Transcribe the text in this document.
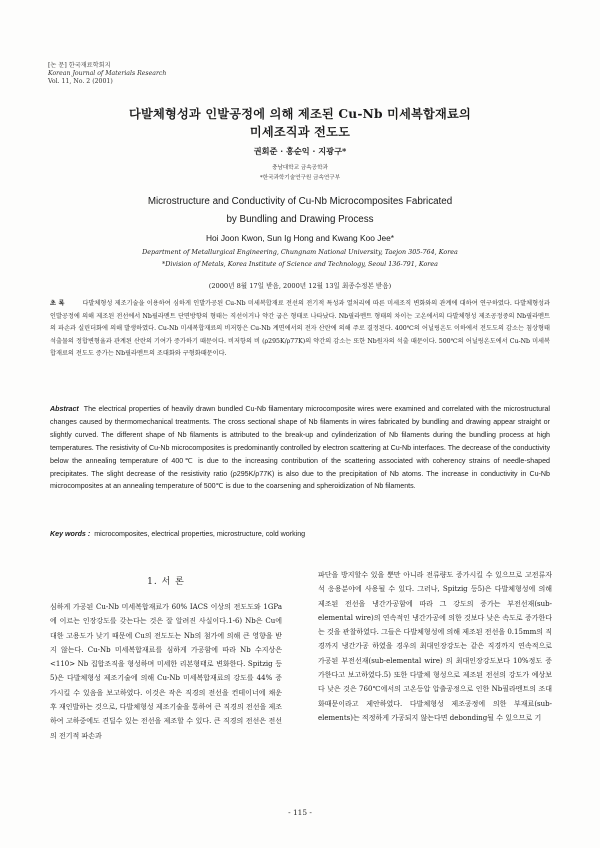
[논 문] 한국재료학회지
Korean Journal of Materials Research
Vol. 11, No. 2 (2001)
다발체형성과 인발공정에 의해 제조된 Cu-Nb 미세복합재료의
미세조직과 전도도
권회준 · 홍순익 · 지광구*
충남대학교 금속공학과
*한국과학기술연구원 금속연구부
Microstructure and Conductivity of Cu-Nb Microcomposites Fabricated
by Bundling and Drawing Process
Hoi Joon Kwon, Sun Ig Hong and Kwang Koo Jee*
Department of Metallurgical Engineering, Chungnam National University, Taejon 305-764, Korea
*Division of Metals, Korea Institute of Science and Technology, Seoul 136-791, Korea
(2000년 8월 17일 받음, 2000년 12월 13일 최종수정본 받음)
초 록	다발체형성 제조기술을 이용하여 심하게 인발가공된 Cu-Nb 미세복합재료 전선의 전기적 특성과 열처리에 따른 미세조직 변화와의 관계에 대하여 연구하였다. 다발체형성과 인발공정에 의해 제조된 전선에서 Nb필라멘트 단면방향의 형태는 직선이거나 약간 굽은 형태로 나타났다. Nb필라멘트 형태의 차이는 고온에서의 다발체형성 제조공정중의 Nb필라멘트의 파손과 실린더화에 의해 발생하였다. Cu-Nb 미세복합재료의 비저항은 Cu-Nb 계면에서의 전자 산란에 의해 주로 결정된다. 400℃의 어닐링온도 이하에서 전도도의 감소는 침상형태 석출물의 정합변형율과 관계된 산란의 기여가 증가하기 때문이다. 비저항의 비 (ρ295K/ρ77K)의 약간의 감소는 또한 Nb원자의 석출 때문이다. 500℃의 어닐링온도에서 Cu-Nb 미세복합재료의 전도도 증가는 Nb필라멘트의 조대화와 구형화때문이다.
Abstract The electrical properties of heavily drawn bundled Cu-Nb filamentary microcomposite wires were examined and correlated with the microstructural changes caused by thermomechanical treatments. The cross sectional shape of Nb filaments in wires fabricated by bundling and drawing appear straight or slightly curved. The different shape of Nb filaments is attributed to the break-up and cylinderization of Nb filaments during the bundling process at high temperatures. The resistivity of Cu-Nb microcomposites is predominantly controlled by electron scattering at Cu-Nb interfaces. The decrease of the conductivity below the annealing temperature of 400℃ is due to the increasing contribution of the scattering associated with coherency strains of needle-shaped precipitates. The slight decrease of the resistivity ratio (ρ295K/ρ77K) is also due to the precipitation of Nb atoms. The increase in conductivity in Cu-Nb microcomposites at an annealing temperature of 500℃ is due to the coarsening and spheroidization of Nb filaments.
Key words : microcomposites, electrical properties, microstructure, cold working
1. 서 론
심하게 가공된 Cu-Nb 미세복합재료가 60% IACS 이상의 전도도와 1GPa에 이르는 인장강도를 갖는다는 것은 잘 알려진 사실이다.1-6) Nb은 Cu에 대한 고용도가 낮기 때문에 Cu의 전도도는 Nb의 첨가에 의해 큰 영향을 받지 않는다. Cu-Nb 미세복합재료를 심하게 가공함에 따라 Nb 수지상은 <110> Nb 집합조직을 형성하며 미세한 리본형태로 변화한다. Spitzig 등5)은 다발체형성 제조기술에 의해 Cu-Nb 미세복합재료의 강도를 44% 증가시킬 수 있음을 보고하였다. 이것은 작은 직경의 전선을 컨테이너에 채운 후 재인발하는 것으로, 다발체형성 제조기술을 통하여 큰 직경의 전선을 제조하여 고하중에도 견딜수 있는 전선을 제조할 수 있다. 큰 직경의 전선은 전선의 전기적 파손과
파단을 방지할수 있을 뿐만 아니라 전류량도 증가시킬 수 있으므로 고전류자석 응용분야에 사용될 수 있다. 그러나, Spitzig 등5)은 다발체형성에 의해 제조된 전선을 냉간가공함에 따라 그 강도의 증가는 부전선재(sub-elemental wire)의 연속적인 냉간가공에 의한 것보다 낮은 속도로 증가한다는 것을 관찰하였다. 그들은 다발체형성에 의해 제조된 전선을 0.15mm의 직경까지 냉간가공 하였을 경우의 최대인장강도는 같은 직경까지 연속적으로 가공된 부전선재(sub-elemental wire) 의 최대인장강도보다 10%정도 증가한다고 보고하였다.5) 또한 다발체 형성으로 제조된 전선의 강도가 예상보다 낮은 것은 760℃에서의 고온등압 압출공정으로 인한 Nb필라멘트의 조대화때문이라고 제안하였다. 다발체형성 제조공정에 의한 부재료(sub-elements)는 적정하게 가공되지 않는다면 debonding될 수 있으므로 기
- 115 -
